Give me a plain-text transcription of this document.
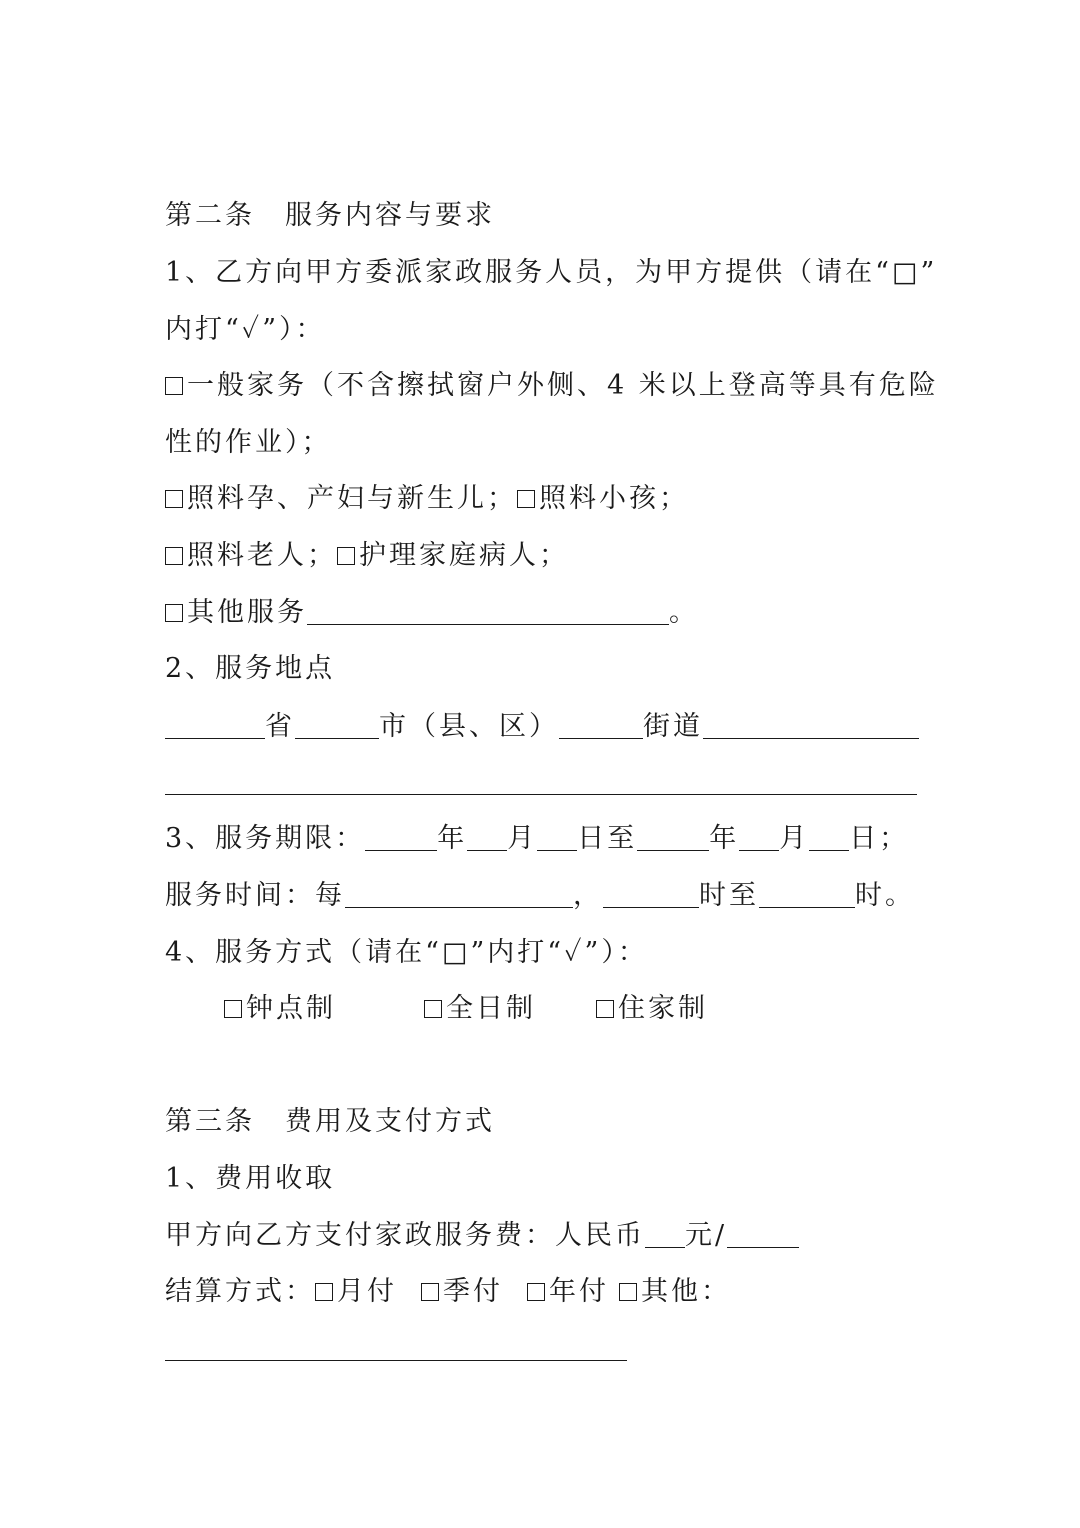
第二条　服务内容与要求
1、乙方向甲方委派家政服务人员，为甲方提供（请在“□”
内打“✓”）：
一般家务（不含擦拭窗户外侧、4 米以上登高等具有危险
性的作业）；
照料孕、产妇与新生儿； 照料小孩；
照料老人； 护理家庭病人；
其他服务	。
2、服务地点
省	市（县、区）	街道
3、服务期限：	年 月 日至	年 月 日；
服务时间：每	，	时至	时。
4、服务方式（请在“□”内打“✓”）：
钟点制	全日制	住家制
第三条　费用及支付方式
1、费用收取
甲方向乙方支付家政服务费：人民币 元/
结算方式： 月付 季付 年付 其他：
